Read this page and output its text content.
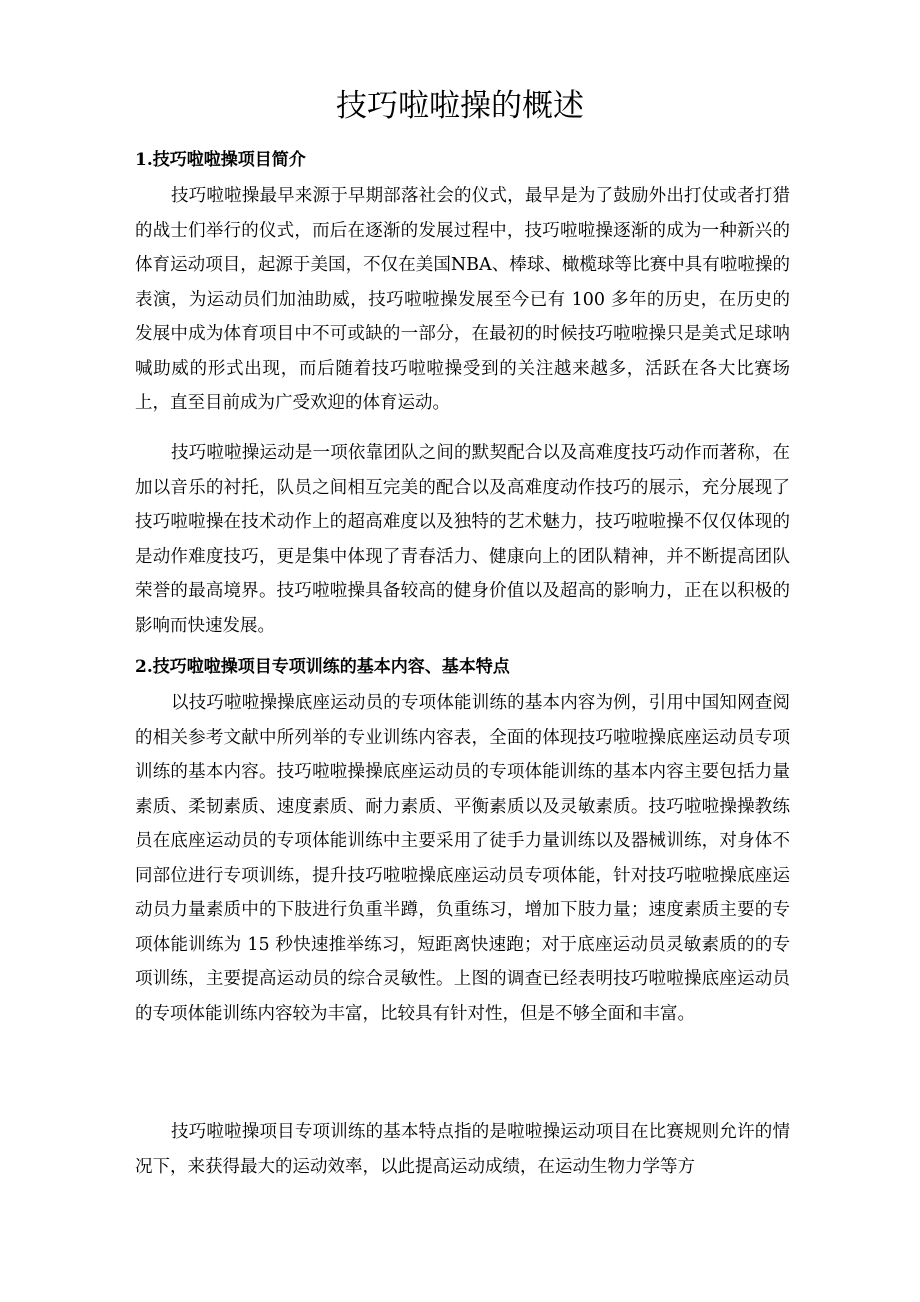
技巧啦啦操的概述
1.技巧啦啦操项目简介

技巧啦啦操最早来源于早期部落社会的仪式，最早是为了鼓励外出打仗或者打猎的战士们举行的仪式，而后在逐渐的发展过程中，技巧啦啦操逐渐的成为一种新兴的体育运动项目，起源于美国，不仅在美国NBA、棒球、橄榄球等比赛中具有啦啦操的表演，为运动员们加油助威，技巧啦啦操发展至今已有 100 多年的历史，在历史的发展中成为体育项目中不可或缺的一部分，在最初的时候技巧啦啦操只是美式足球呐喊助威的形式出现，而后随着技巧啦啦操受到的关注越来越多，活跃在各大比赛场上，直至目前成为广受欢迎的体育运动。

技巧啦啦操运动是一项依靠团队之间的默契配合以及高难度技巧动作而著称，在加以音乐的衬托，队员之间相互完美的配合以及高难度动作技巧的展示，充分展现了技巧啦啦操在技术动作上的超高难度以及独特的艺术魅力，技巧啦啦操不仅仅体现的是动作难度技巧，更是集中体现了青春活力、健康向上的团队精神，并不断提高团队荣誉的最高境界。技巧啦啦操具备较高的健身价值以及超高的影响力，正在以积极的影响而快速发展。

2.技巧啦啦操项目专项训练的基本内容、基本特点

以技巧啦啦操操底座运动员的专项体能训练的基本内容为例，引用中国知网查阅的相关参考文献中所列举的专业训练内容表，全面的体现技巧啦啦操底座运动员专项训练的基本内容。技巧啦啦操操底座运动员的专项体能训练的基本内容主要包括力量素质、柔韧素质、速度素质、耐力素质、平衡素质以及灵敏素质。技巧啦啦操操教练员在底座运动员的专项体能训练中主要采用了徒手力量训练以及器械训练，对身体不同部位进行专项训练，提升技巧啦啦操底座运动员专项体能，针对技巧啦啦操底座运动员力量素质中的下肢进行负重半蹲，负重练习，增加下肢力量；速度素质主要的专项体能训练为 15 秒快速推举练习，短距离快速跑；对于底座运动员灵敏素质的的专项训练，主要提高运动员的综合灵敏性。上图的调查已经表明技巧啦啦操底座运动员的专项体能训练内容较为丰富，比较具有针对性，但是不够全面和丰富。

技巧啦啦操项目专项训练的基本特点指的是啦啦操运动项目在比赛规则允许的情况下，来获得最大的运动效率，以此提高运动成绩，在运动生物力学等方
